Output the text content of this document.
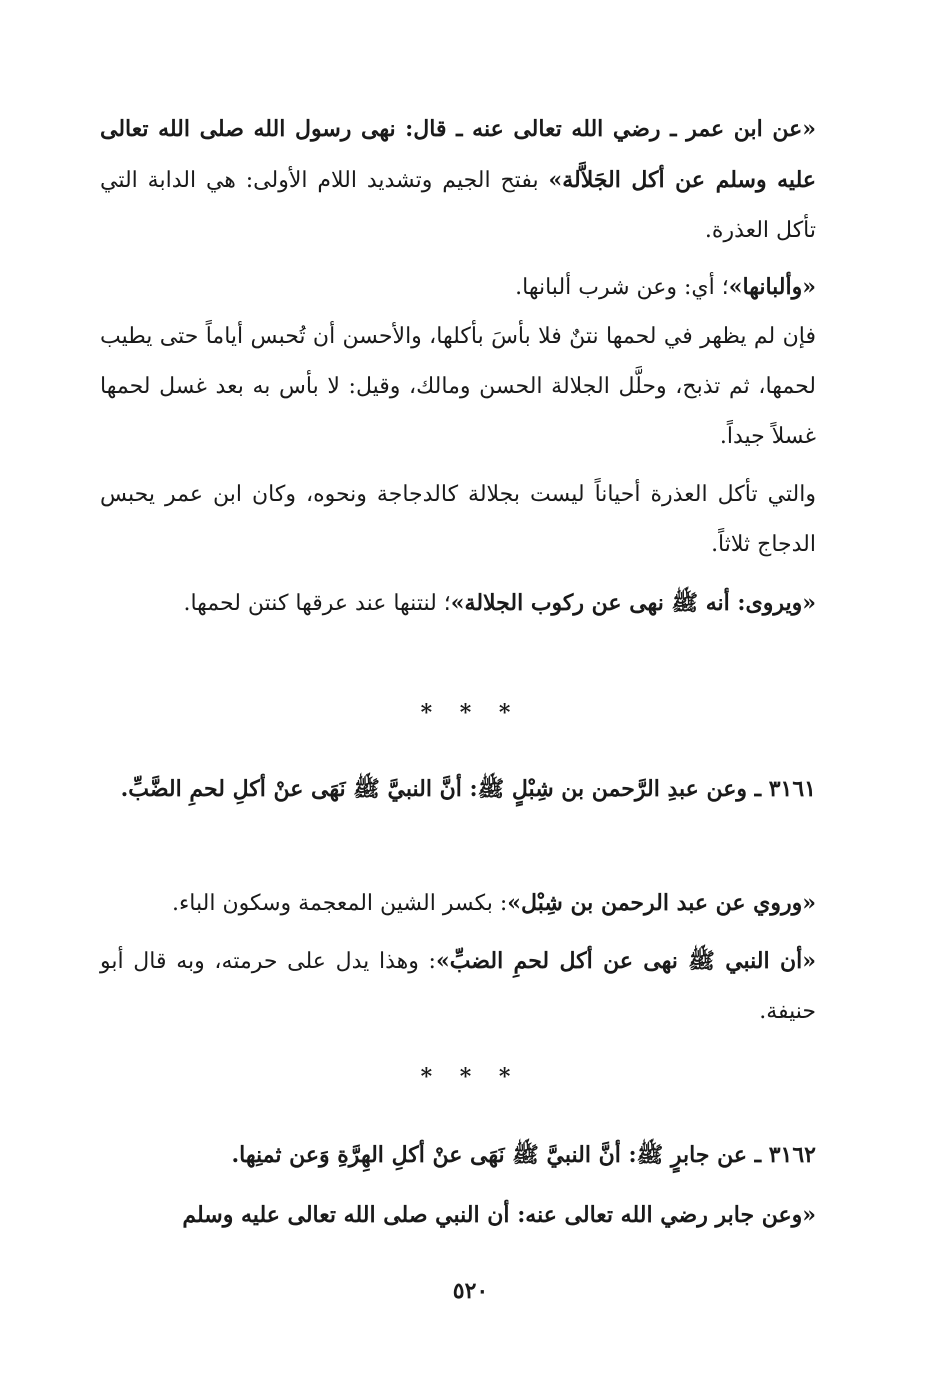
«عن ابن عمر ـ رضي الله تعالى عنه ـ قال: نهى رسول الله صلى الله تعالى عليه وسلم عن أكل الجَلاَّلة» بفتح الجيم وتشديد اللام الأولى: هي الدابة التي تأكل العذرة.

«وألبانها»؛ أي: وعن شرب ألبانها.

فإن لم يظهر في لحمها نتنٌ فلا بأسَ بأكلها، والأحسن أن تُحبس أياماً حتى يطيب لحمها، ثم تذبح، وحلَّل الجلالة الحسن ومالك، وقيل: لا بأس به بعد غسل لحمها غسلاً جيداً.

والتي تأكل العذرة أحياناً ليست بجلالة كالدجاجة ونحوه، وكان ابن عمر يحبس الدجاج ثلاثاً.

«ويروى: أنه ﷺ نهى عن ركوب الجلالة»؛ لنتنها عند عرقها كنتن لحمها.

* * *

٣١٦١ ـ وعن عبدِ الرَّحمن بن شِبْلٍ ﷺ: أنَّ النبيَّ ﷺ نَهَى عنْ أكلِ لحمِ الضَّبِّ.

«وروي عن عبد الرحمن بن شِبْل»: بكسر الشين المعجمة وسكون الباء.

«أن النبي ﷺ نهى عن أكل لحمِ الضبِّ»: وهذا يدل على حرمته، وبه قال أبو حنيفة.

* * *

٣١٦٢ ـ عن جابرٍ ﷺ: أنَّ النبيَّ ﷺ نَهَى عنْ أكلِ الهِرَّةِ وَعن ثمنِها.

«وعن جابر رضي الله تعالى عنه: أن النبي صلى الله تعالى عليه وسلم

٥٢٠
